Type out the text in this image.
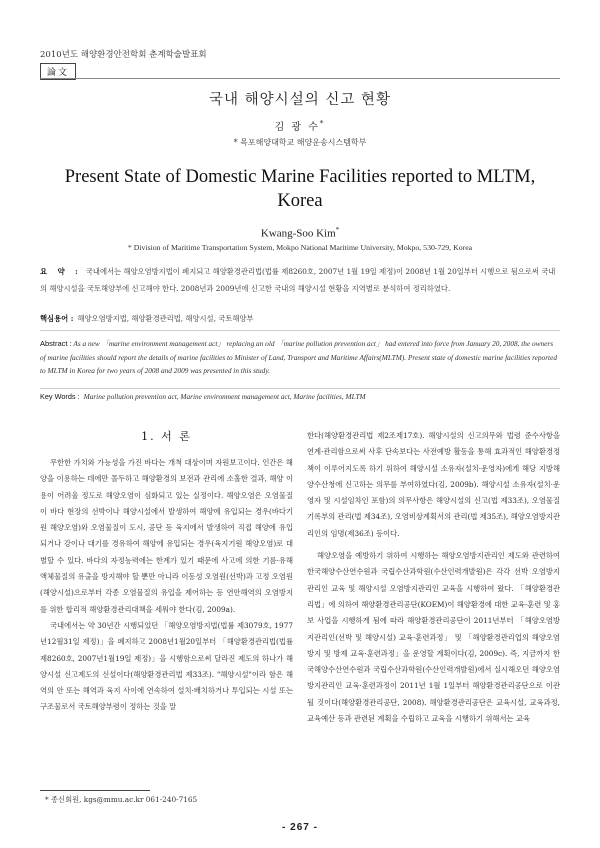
2010년도 해양환경안전학회 춘계학술발표회
論文
국내 해양시설의 신고 현황
김 광 수*
* 목포해양대학교 해양운송시스템학부
Present State of Domestic Marine Facilities reported to MLTM, Korea
Kwang-Soo Kim*
* Division of Maritime Transportation System, Mokpo National Maritime University, Mokpo, 530-729, Korea
요 약 : 국내에서는 해양오염방지법이 폐지되고 해양환경관리법(법률 제8260호, 2007년 1월 19일 제정)이 2008년 1월 20일부터 시행으로 됨으로써 국내의 해양시설을 국토해양부에 신고해야 한다. 2008년과 2009년에 신고한 국내의 해양시설 현황을 지역별로 분석하여 정리하였다.
핵심용어 : 해양오염방지법, 해양환경관리법, 해양시설, 국토해양부
Abstract : As a new 「marine environment management act」 replacing an old 「marine pollution prevention act」 had entered into force from January 20, 2008, the owners of marine facilities should report the details of marine facilities to Minister of Land, Transport and Maritime Affairs(MLTM). Present state of domestic marine facilities reported to MLTM in Korea for two years of 2008 and 2009 was presented in this study.
Key Words : Marine pollution prevention act, Marine environment management act, Marine facilities, MLTM
1. 서 론

무한한 가치와 가능성을 가진 바다는 개척 대상이며 자원보고이다. 인간은 해양을 이용하는 데에만 몰두하고 해양환경의 보전과 관리에 소홀한 결과, 해양 이용이 어려울 정도로 해양오염이 심화되고 있는 실정이다. 해양오염은 오염물질이 바다 현장의 선박이나 해양시설에서 발생하여 해양에 유입되는 경우(바다기원 해양오염)와 오염물질이 도시, 공단 등 육지에서 발생하여 직접 해양에 유입되거나 강이나 대기를 경유하여 해양에 유입되는 경우(육지기원 해양오염)로 대별할 수 있다. 바다의 자정능력에는 한계가 있기 때문에 사고에 의한 기름·유해액체물질의 유출을 방지해야 할 뿐만 아니라 이동성 오염원(선박)과 고정 오염원(해양시설)으로부터 각종 오염물질의 유입을 제어하는 등 연안해역의 오염방지를 위한 합리적 해양환경관리대책을 세워야 한다(김, 2009a).

국내에서는 약 30년간 시행되었던 「해양오염방지법(법률 제3079호, 1977년12월31일 제정)」을 폐지하고 2008년1월20일부터 「해양환경관리법(법률 제8260호, 2007년1월19일 제정)」을 시행함으로써 달라진 제도의 하나가 해양시설 신고제도의 신설이다(해양환경관리법 제33조). "해양시설"이라 함은 해역의 안 또는 해역과 육지 사이에 연속하여 설치·배치하거나 투입되는 시설 또는 구조물로서 국토해양부령이 정하는 것을 말

한다(해양환경관리법 제2조제17호). 해양시설의 신고의무와 법령 준수사항을 연계·관리함으로써 사후 단속보다는 사전예방 활동을 통해 효과적인 해양환경정책이 이루어지도록 하기 위하여 해양시설 소유자(설치·운영자)에게 해당 지방해양수산청에 신고하는 의무를 부여하였다(김, 2009b). 해양시설 소유자(설치·운영자 및 시설임차인 포함)의 의무사항은 해양시설의 신고(법 제33조), 오염물질기록부의 관리(법 제34조), 오염비상계획서의 관리(법 제35조), 해양오염방지관리인의 임명(제36조) 등이다.

해양오염을 예방하기 위하여 시행하는 해양오염방지관리인 제도와 관련하여 한국해양수산연수원과 국립수산과학원(수산인력개발원)은 각각 선박 오염방지관리인 교육 및 해양시설 오염방지관리인 교육을 시행하여 왔다. 「해양환경관리법」에 의하여 해양환경관리공단(KOEM)이 해양환경에 대한 교육·훈련 및 홍보 사업을 시행하게 됨에 따라 해양환경관리공단이 2011년부터 「해양오염방지관리인(선박 및 해양시설) 교육·훈련과정」 및 「해양환경관리업의 해양오염방지 및 방제 교육·훈련과정」을 운영할 계획이다(김, 2009c). 즉, 지금까지 한국해양수산연수원과 국립수산과학원(수산인력개발원)에서 실시해오던 해양오염방지관리인 교육·훈련과정이 2011년 1월 1일부터 해양환경관리공단으로 이관될 것이다(해양환경관리공단, 2008). 해양환경관리공단은 교육시설, 교육과정, 교육예산 등과 관련된 계획을 수립하고 교육을 시행하기 위해서는 교육

* 종신회원, kgs@mmu.ac.kr 061-240-7165
- 267 -
